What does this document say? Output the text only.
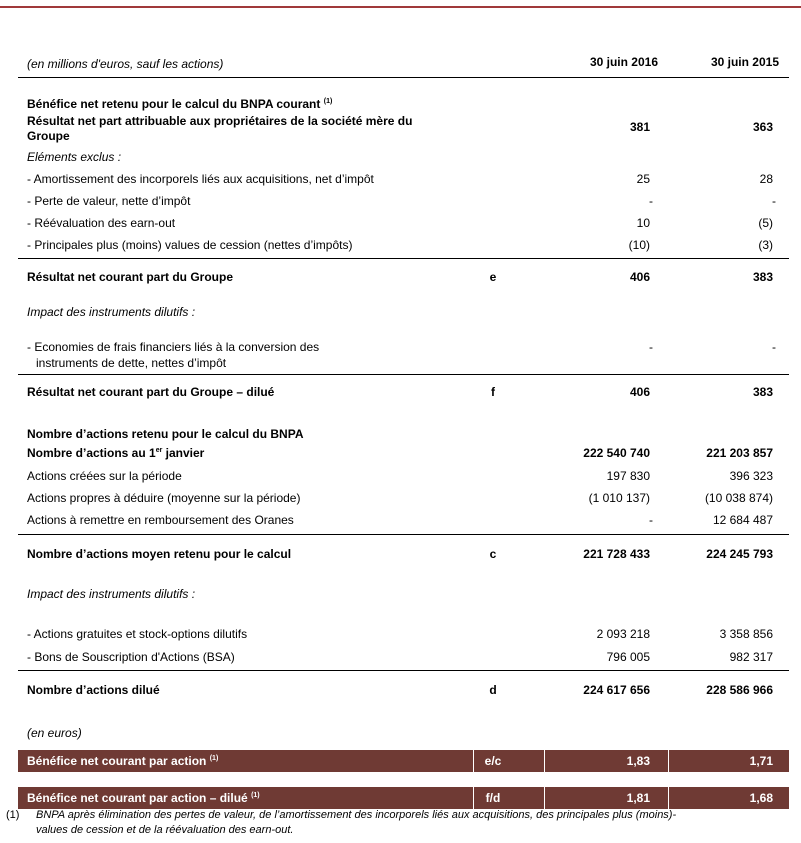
(en millions d'euros, sauf les actions)	30 juin 2016	30 juin 2015
Bénéfice net retenu pour le calcul du BNPA courant $^{(1)}$
Résultat net part attribuable aux propriétaires de la société mère du
Groupe
381	363
Eléments exclus :
- Amortissement des incorporels liés aux acquisitions, net d’impôt	25	28
- Perte de valeur, nette d’impôt	-	-
- Réévaluation des earn-out	10	(5)
- Principales plus (moins) values de cession (nettes d’impôts)	(10)	(3)
Résultat net courant part du Groupe	e	406	383
Impact des instruments dilutifs :
- Economies de frais financiers liés à la conversion des
instruments de dette, nettes d’impôt
-	-
Résultat net courant part du Groupe – dilué	f	406	383
Nombre d’actions retenu pour le calcul du BNPA
Nombre d’actions au 1er janvier	222 540 740	221 203 857
Actions créées sur la période	197 830	396 323
Actions propres à déduire (moyenne sur la période)	(1 010 137)	(10 038 874)
Actions à remettre en remboursement des Oranes	-	12 684 487
Nombre d’actions moyen retenu pour le calcul	c	221 728 433	224 245 793
Impact des instruments dilutifs :
- Actions gratuites et stock-options dilutifs	2 093 218	3 358 856
- Bons de Souscription d'Actions (BSA)	796 005	982 317
Nombre d’actions dilué	d	224 617 656	228 586 966
(en euros)
Bénéfice net courant par action $^{(1)}$	e/c	1,83	1,71
Bénéfice net courant par action – dilué $^{(1)}$	f/d	1,81	1,68
(1) BNPA après élimination des pertes de valeur, de l’amortissement des incorporels liés aux acquisitions, des principales plus (moins)-
values de cession et de la réévaluation des earn-out.
